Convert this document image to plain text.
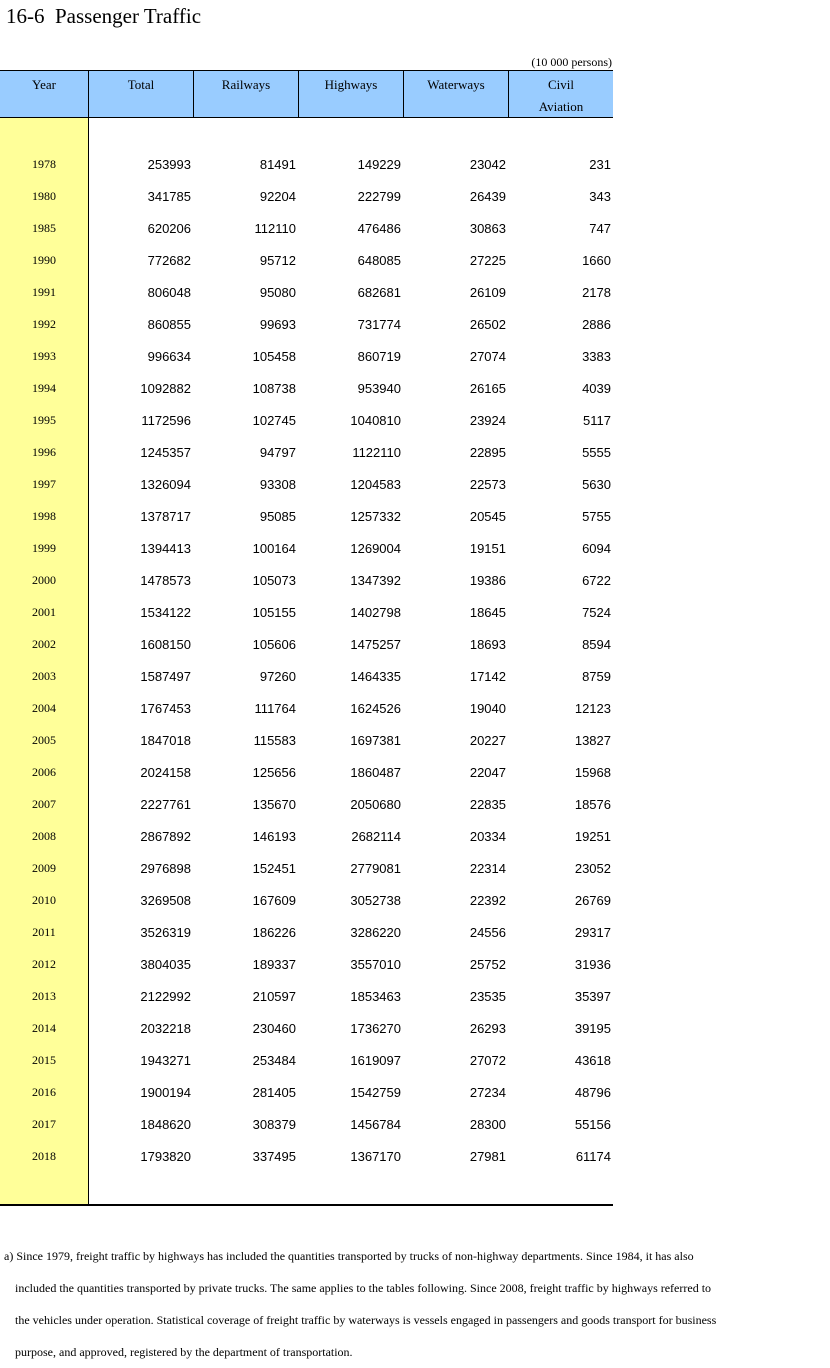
16-6  Passenger Traffic
(10 000 persons)
Year	Total	Railways	Highways	Waterways	Civil
Aviation
1978	253993	81491	149229	23042	231
1980	341785	92204	222799	26439	343
1985	620206	112110	476486	30863	747
1990	772682	95712	648085	27225	1660
1991	806048	95080	682681	26109	2178
1992	860855	99693	731774	26502	2886
1993	996634	105458	860719	27074	3383
1994	1092882	108738	953940	26165	4039
1995	1172596	102745	1040810	23924	5117
1996	1245357	94797	1122110	22895	5555
1997	1326094	93308	1204583	22573	5630
1998	1378717	95085	1257332	20545	5755
1999	1394413	100164	1269004	19151	6094
2000	1478573	105073	1347392	19386	6722
2001	1534122	105155	1402798	18645	7524
2002	1608150	105606	1475257	18693	8594
2003	1587497	97260	1464335	17142	8759
2004	1767453	111764	1624526	19040	12123
2005	1847018	115583	1697381	20227	13827
2006	2024158	125656	1860487	22047	15968
2007	2227761	135670	2050680	22835	18576
2008	2867892	146193	2682114	20334	19251
2009	2976898	152451	2779081	22314	23052
2010	3269508	167609	3052738	22392	26769
2011	3526319	186226	3286220	24556	29317
2012	3804035	189337	3557010	25752	31936
2013	2122992	210597	1853463	23535	35397
2014	2032218	230460	1736270	26293	39195
2015	1943271	253484	1619097	27072	43618
2016	1900194	281405	1542759	27234	48796
2017	1848620	308379	1456784	28300	55156
2018	1793820	337495	1367170	27981	61174

a) Since 1979, freight traffic by highways has included the quantities transported by trucks of non-highway departments. Since 1984, it has also

included the quantities transported by private trucks. The same applies to the tables following. Since 2008, freight traffic by highways referred to

the vehicles under operation. Statistical coverage of freight traffic by waterways is vessels engaged in passengers and goods transport for business

purpose, and approved, registered by the department of transportation.
